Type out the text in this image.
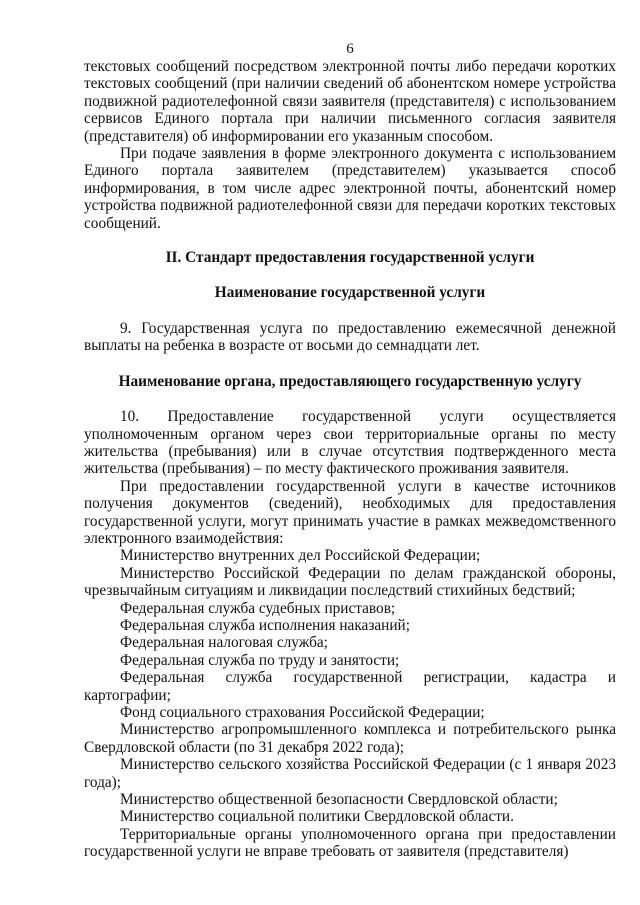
6

текстовых сообщений посредством электронной почты либо передачи коротких текстовых сообщений (при наличии сведений об абонентском номере устройства подвижной радиотелефонной связи заявителя (представителя) с использованием сервисов Единого портала при наличии письменного согласия заявителя (представителя) об информировании его указанным способом.

При подаче заявления в форме электронного документа с использованием Единого портала заявителем (представителем) указывается способ информирования, в том числе адрес электронной почты, абонентский номер устройства подвижной радиотелефонной связи для передачи коротких текстовых сообщений.

II. Стандарт предоставления государственной услуги
Наименование государственной услуги

9. Государственная услуга по предоставлению ежемесячной денежной выплаты на ребенка в возрасте от восьми до семнадцати лет.

Наименование органа, предоставляющего государственную услугу

10. Предоставление государственной услуги осуществляется уполномоченным органом через свои территориальные органы по месту жительства (пребывания) или в случае отсутствия подтвержденного места жительства (пребывания) – по месту фактического проживания заявителя.

При предоставлении государственной услуги в качестве источников получения документов (сведений), необходимых для предоставления государственной услуги, могут принимать участие в рамках межведомственного электронного взаимодействия:

Министерство внутренних дел Российской Федерации;

Министерство Российской Федерации по делам гражданской обороны, чрезвычайным ситуациям и ликвидации последствий стихийных бедствий;

Федеральная служба судебных приставов;

Федеральная служба исполнения наказаний;

Федеральная налоговая служба;

Федеральная служба по труду и занятости;

Федеральная служба государственной регистрации, кадастра и картографии;

Фонд социального страхования Российской Федерации;

Министерство агропромышленного комплекса и потребительского рынка Свердловской области (по 31 декабря 2022 года);

Министерство сельского хозяйства Российской Федерации (с 1 января 2023 года);

Министерство общественной безопасности Свердловской области;

Министерство социальной политики Свердловской области.

Территориальные органы уполномоченного органа при предоставлении государственной услуги не вправе требовать от заявителя (представителя)
